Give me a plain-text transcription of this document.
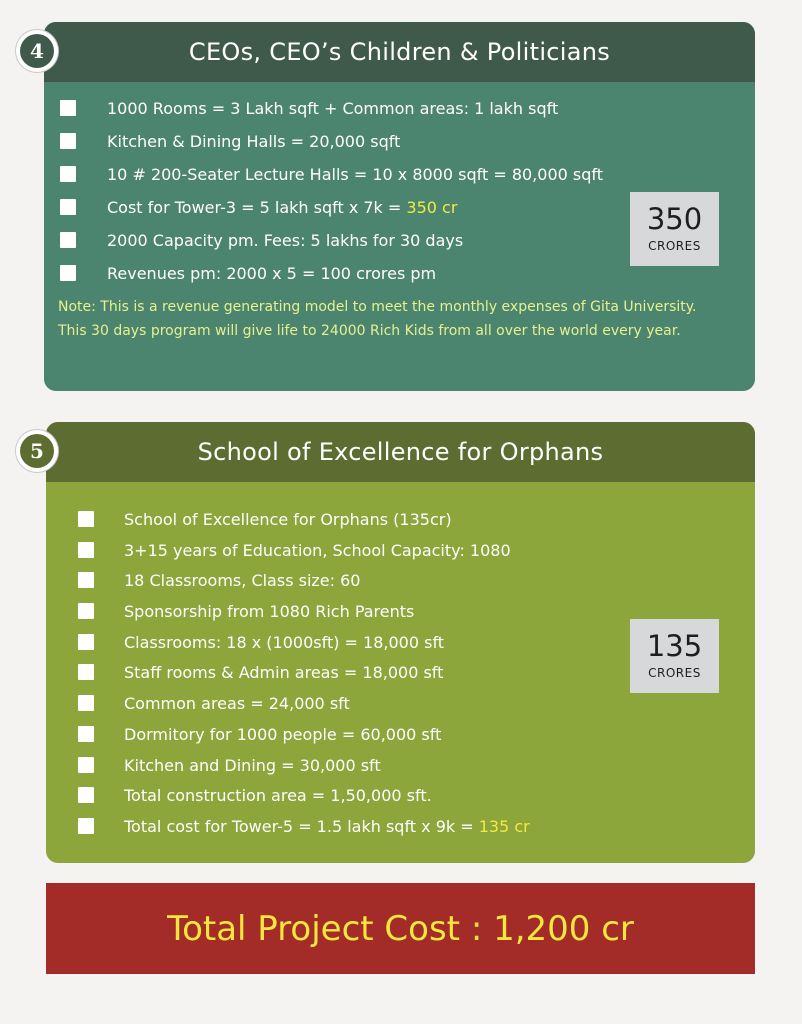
CEOs, CEO’s Children & Politicians
4
1000 Rooms = 3 Lakh sqft + Common areas: 1 lakh sqft
Kitchen & Dining Halls = 20,000 sqft
10 # 200-Seater Lecture Halls = 10 x 8000 sqft = 80,000 sqft
Cost for Tower-3 = 5 lakh sqft x 7k = 350 cr
2000 Capacity pm. Fees: 5 lakhs for 30 days
Revenues pm: 2000 x 5 = 100 crores pm
350
CRORES

Note: This is a revenue generating model to meet the monthly expenses of Gita University. This 30 days program will give life to 24000 Rich Kids from all over the world every year.

School of Excellence for Orphans
5
School of Excellence for Orphans (135cr)
3+15 years of Education, School Capacity: 1080
18 Classrooms, Class size: 60
Sponsorship from 1080 Rich Parents
Classrooms: 18 x (1000sft) = 18,000 sft
Staff rooms & Admin areas = 18,000 sft
Common areas = 24,000 sft
Dormitory for 1000 people = 60,000 sft
Kitchen and Dining = 30,000 sft
Total construction area = 1,50,000 sft.
Total cost for Tower-5 = 1.5 lakh sqft x 9k = 135 cr
135
CRORES
Total Project Cost : 1,200 cr
